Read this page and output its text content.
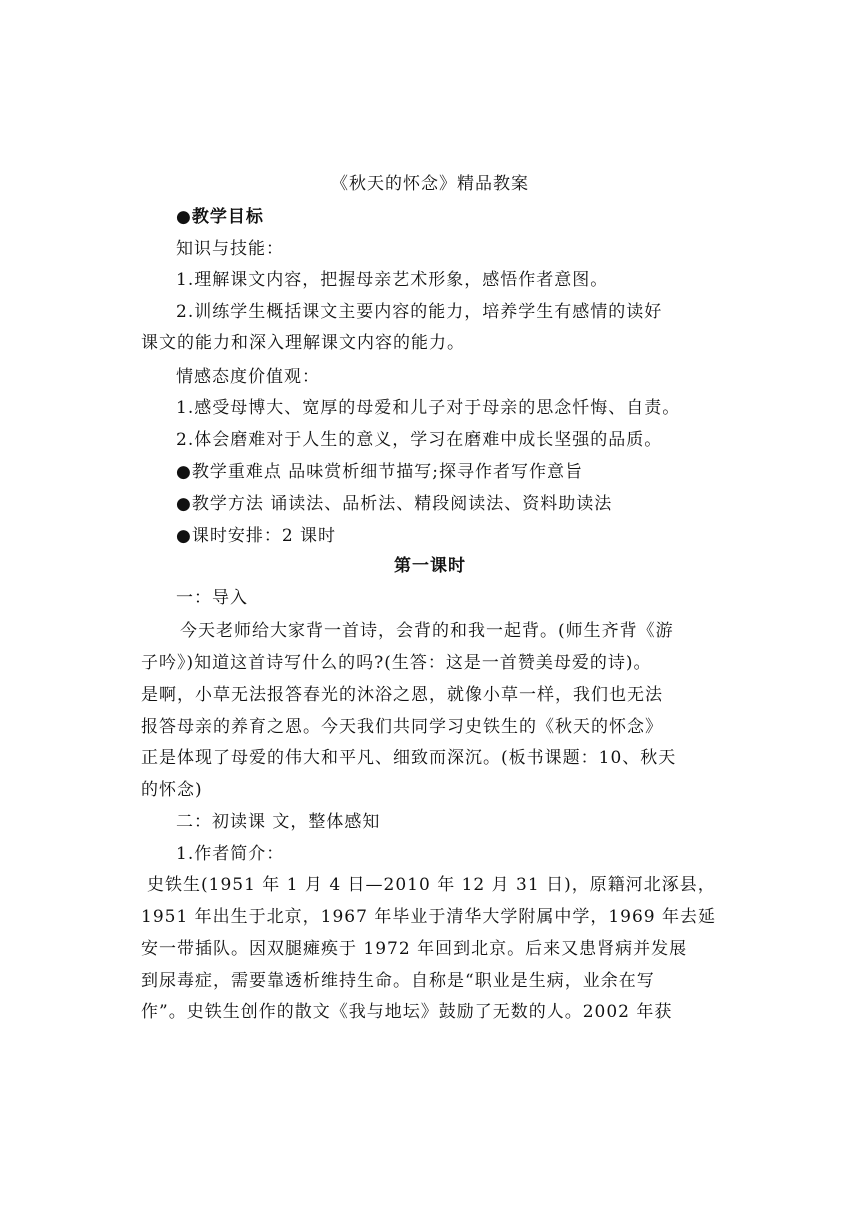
《秋天的怀念》精品教案
●教学目标
知识与技能：
1.理解课文内容，把握母亲艺术形象，感悟作者意图。
2.训练学生概括课文主要内容的能力，培养学生有感情的读好
课文的能力和深入理解课文内容的能力。
情感态度价值观：
1.感受母博大、宽厚的母爱和儿子对于母亲的思念忏悔、自责。
2.体会磨难对于人生的意义，学习在磨难中成长坚强的品质。
●教学重难点 品味赏析细节描写;探寻作者写作意旨
●教学方法 诵读法、品析法、精段阅读法、资料助读法
●课时安排：2 课时
第一课时
一：导入
今天老师给大家背一首诗，会背的和我一起背。(师生齐背《游
子吟》)知道这首诗写什么的吗?(生答：这是一首赞美母爱的诗)。
是啊，小草无法报答春光的沐浴之恩，就像小草一样，我们也无法
报答母亲的养育之恩。今天我们共同学习史铁生的《秋天的怀念》
正是体现了母爱的伟大和平凡、细致而深沉。(板书课题：10、秋天
的怀念)
二：初读课 文，整体感知
1.作者简介：
史铁生(1951 年 1 月 4 日—2010 年 12 月 31 日)，原籍河北涿县，
1951 年出生于北京，1967 年毕业于清华大学附属中学，1969 年去延
安一带插队。因双腿瘫痪于 1972 年回到北京。后来又患肾病并发展
到尿毒症，需要靠透析维持生命。自称是“职业是生病，业余在写
作”。史铁生创作的散文《我与地坛》鼓励了无数的人。2002 年获
